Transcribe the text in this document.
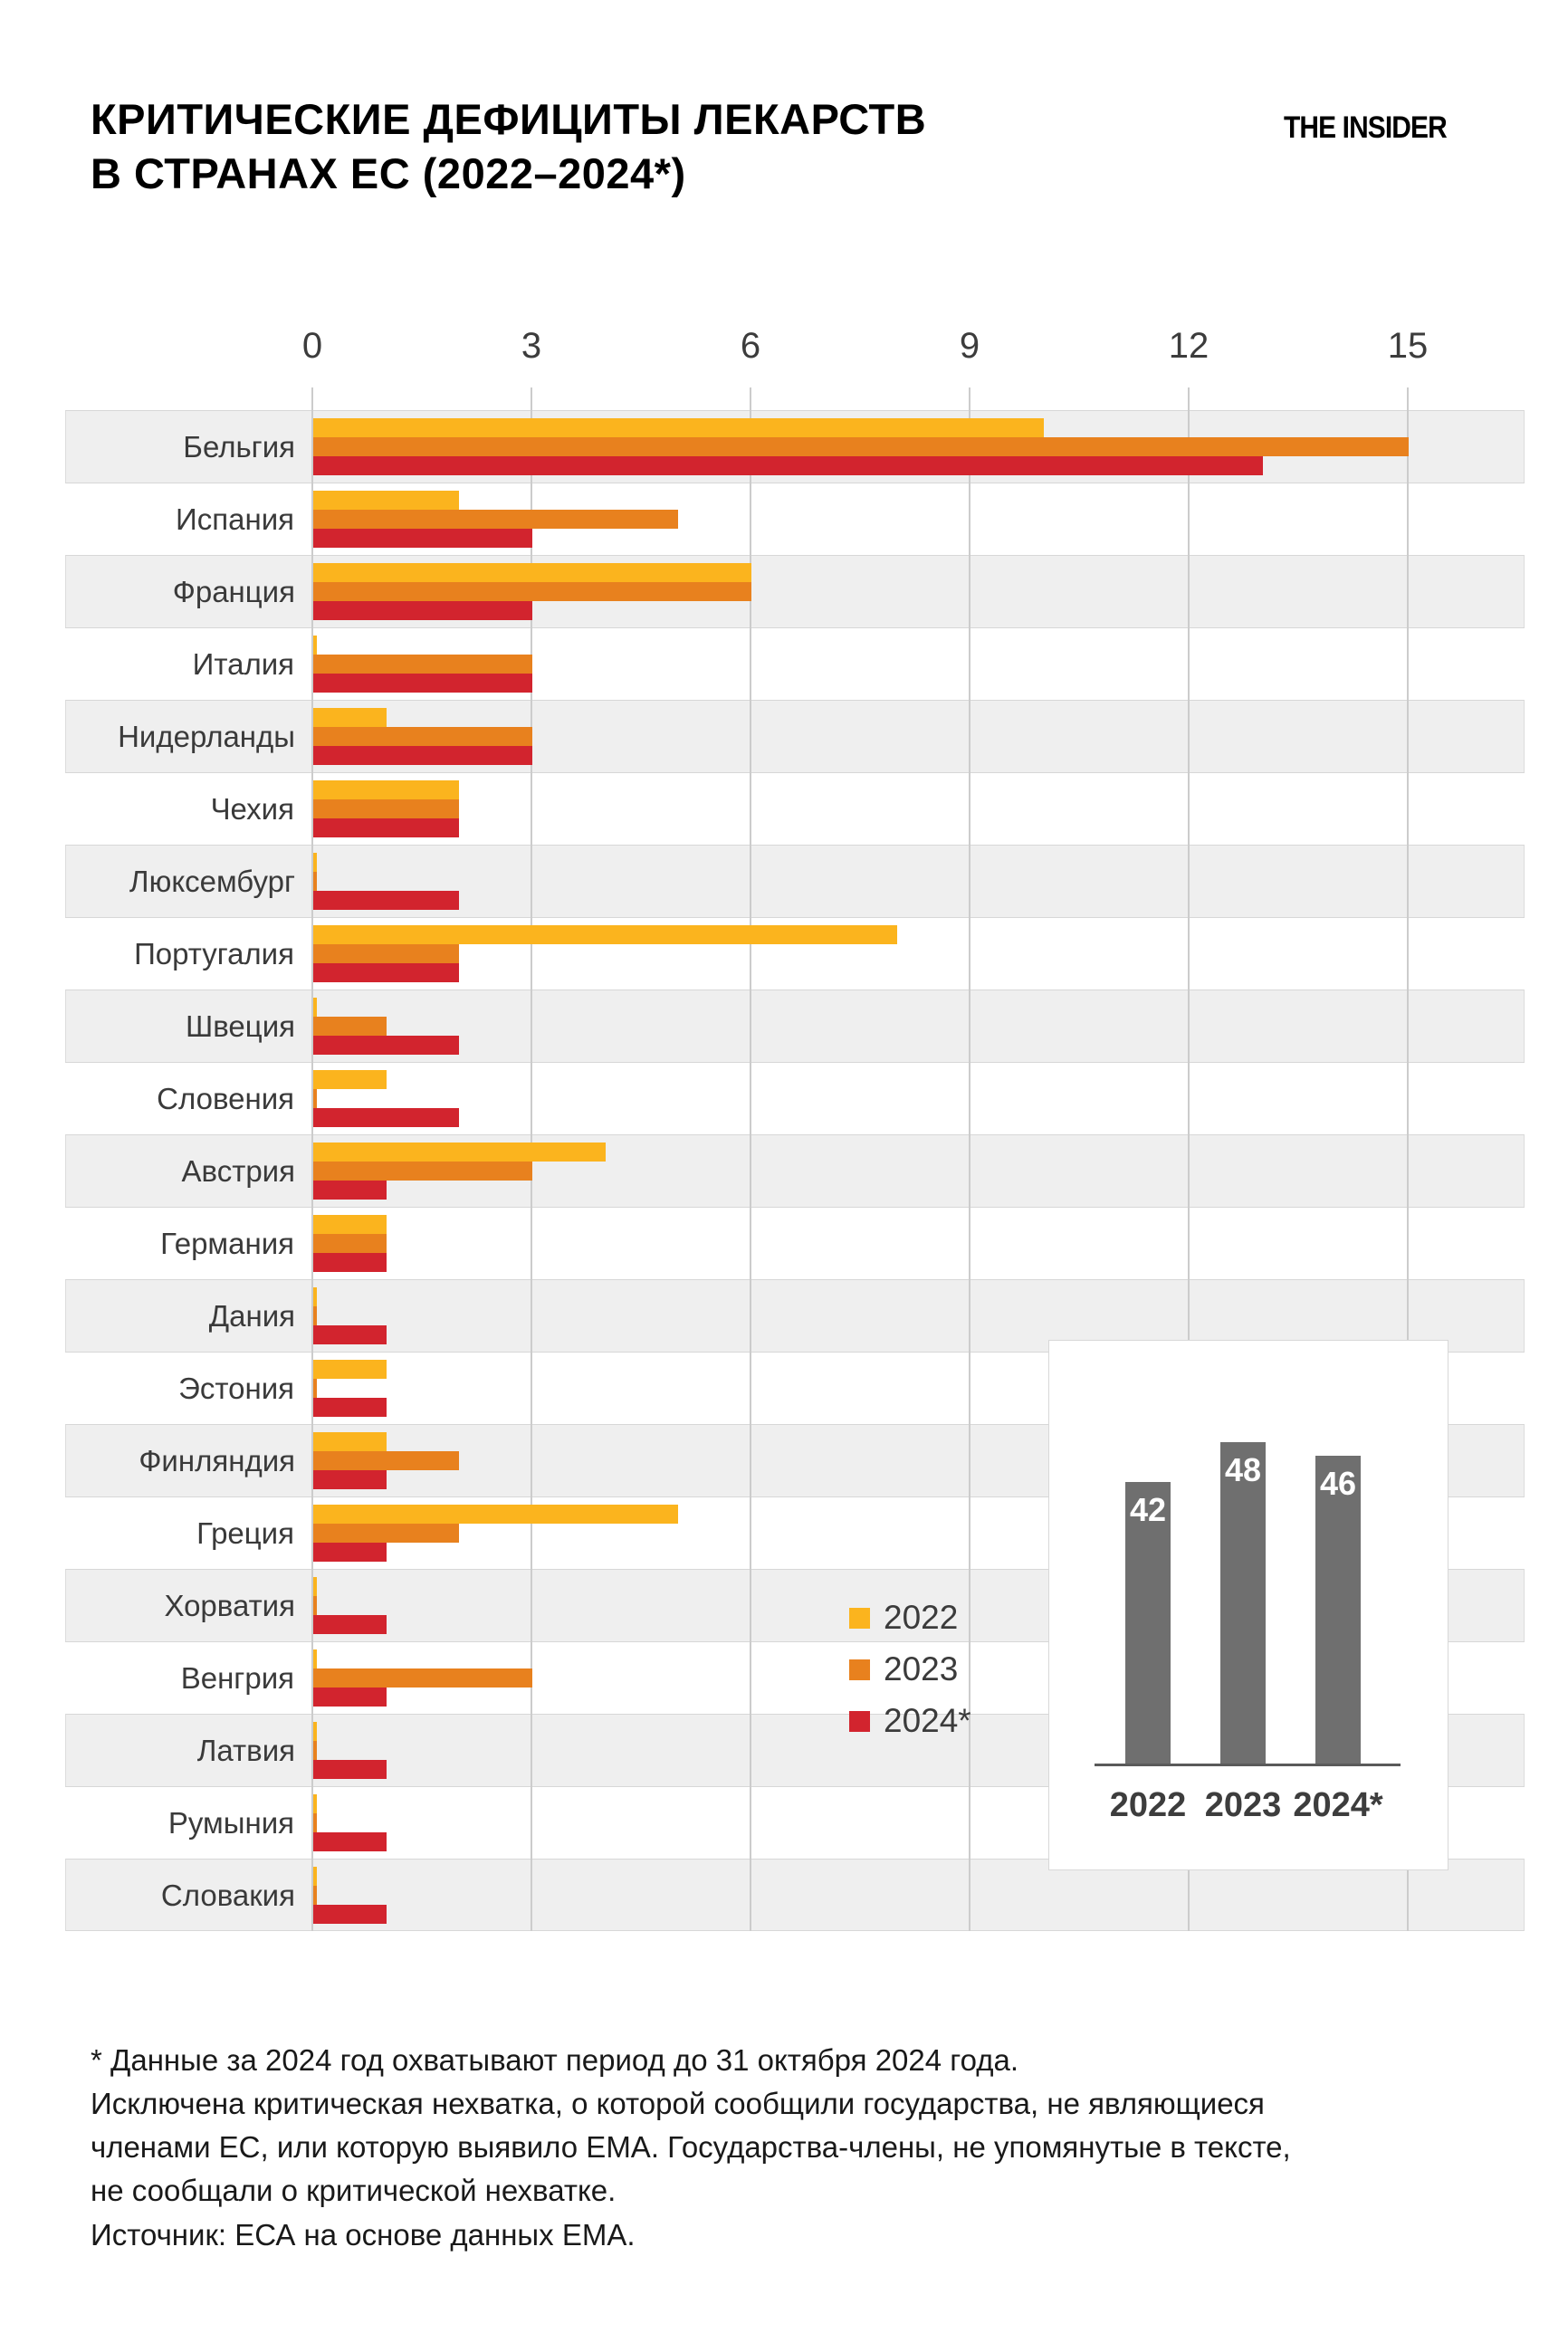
КРИТИЧЕСКИЕ ДЕФИЦИТЫ ЛЕКАРСТВ
В СТРАНАХ ЕС (2022–2024*)
THE INSIDER
0	3	6	9	12	15
Бельгия
Испания
Франция
Италия
Нидерланды
Чехия
Люксембург
Португалия
Швеция
Словения
Австрия
Германия
Дания
Эстония
Финляндия
Греция
Хорватия
Венгрия
Латвия
Румыния
Словакия
2022
2023
2024*
42
2022
48
2023
46
2024*
* Данные за 2024 год охватывают период до 31 октября 2024 года.
Исключена критическая нехватка, о которой сообщили государства, не являющиеся
членами ЕС, или которую выявило ЕМА. Государства-члены, не упомянутые в тексте,
не сообщали о критической нехватке.
Источник: ЕСА на основе данных ЕМА.
